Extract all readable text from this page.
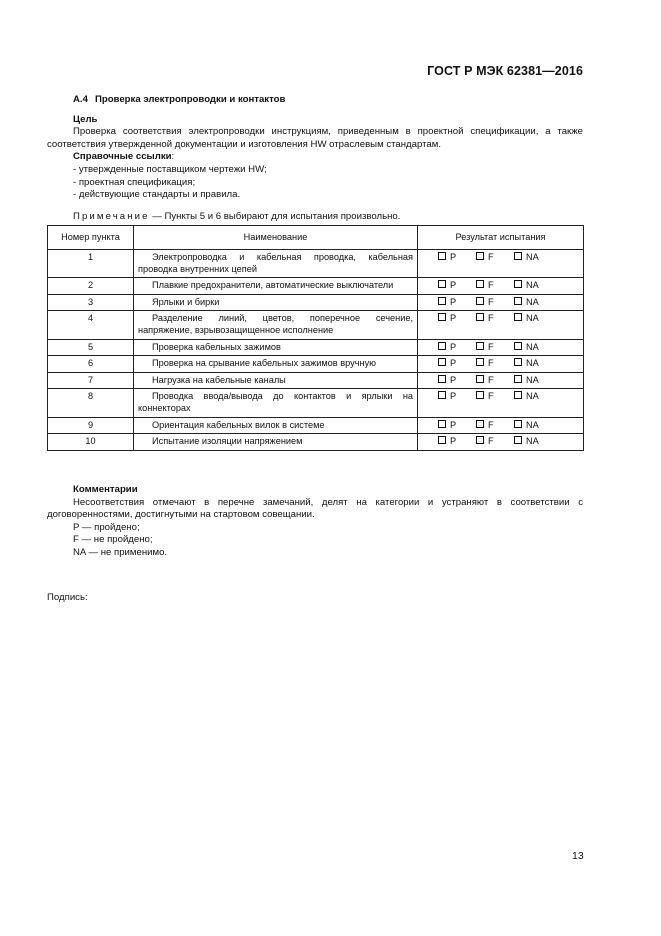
ГОСТ Р МЭК 62381—2016
А.4 Проверка электропроводки и контактов
Цель
Проверка соответствия электропроводки инструкциям, приведенным в проектной спецификации, а также соответствия утвержденной документации и изготовления HW отраслевым стандартам.
Справочные ссылки:
- утвержденные поставщиком чертежи HW;
- проектная спецификация;
- действующие стандарты и правила.
Примечание — Пункты 5 и 6 выбирают для испытания произвольно.
Номер пункта	Наименование	Результат испытания
1	Электропроводка и кабельная проводка, кабельная проводка внутренних цепей	P F NA
2	Плавкие предохранители, автоматические выключатели	P F NA
3	Ярлыки и бирки	P F NA
4	Разделение линий, цветов, поперечное сечение, напряжение, взрывозащищенное исполнение	P F NA
5	Проверка кабельных зажимов	P F NA
6	Проверка на срывание кабельных зажимов вручную	P F NA
7	Нагрузка на кабельные каналы	P F NA
8	Проводка ввода/вывода до контактов и ярлыки на коннекторах	P F NA
9	Ориентация кабельных вилок в системе	P F NA
10	Испытание изоляции напряжением	P F NA
Комментарии
Несоответствия отмечают в перечне замечаний, делят на категории и устраняют в соответствии с договоренностями, достигнутыми на стартовом совещании.
P — пройдено;
F — не пройдено;
NA — не применимо.
Подпись:
13
